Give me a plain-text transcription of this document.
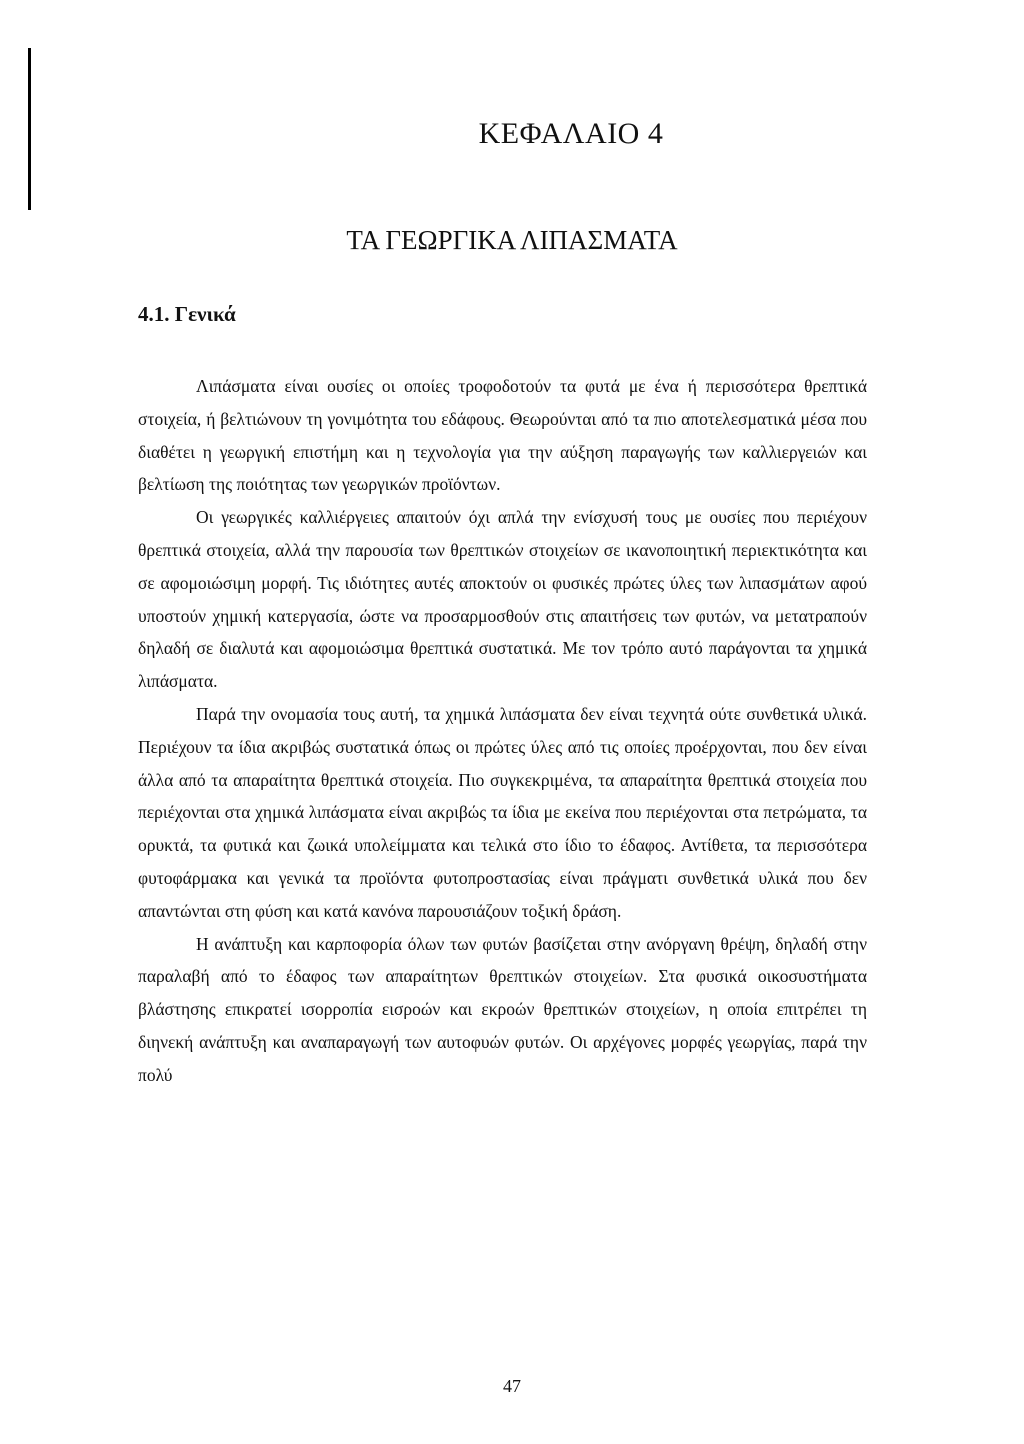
ΚΕΦΑΛΑΙΟ 4
ΤΑ ΓΕΩΡΓΙΚΑ ΛΙΠΑΣΜΑΤΑ
4.1. Γενικά

Λιπάσματα είναι ουσίες οι οποίες τροφοδοτούν τα φυτά με ένα ή περισσότερα θρεπτικά στοιχεία, ή βελτιώνουν τη γονιμότητα του εδάφους. Θεωρούνται από τα πιο αποτελεσματικά μέσα που διαθέτει η γεωργική επιστήμη και η τεχνολογία για την αύξηση παραγωγής των καλλιεργειών και βελτίωση της ποιότητας των γεωργικών προϊόντων.

Οι γεωργικές καλλιέργειες απαιτούν όχι απλά την ενίσχυσή τους με ουσίες που περιέχουν θρεπτικά στοιχεία, αλλά την παρουσία των θρεπτικών στοιχείων σε ικανοποιητική περιεκτικότητα και σε αφομοιώσιμη μορφή. Τις ιδιότητες αυτές αποκτούν οι φυσικές πρώτες ύλες των λιπασμάτων αφού υποστούν χημική κατεργασία, ώστε να προσαρμοσθούν στις απαιτήσεις των φυτών, να μετατραπούν δηλαδή σε διαλυτά και αφομοιώσιμα θρεπτικά συστατικά. Με τον τρόπο αυτό παράγονται τα χημικά λιπάσματα.

Παρά την ονομασία τους αυτή, τα χημικά λιπάσματα δεν είναι τεχνητά ούτε συνθετικά υλικά. Περιέχουν τα ίδια ακριβώς συστατικά όπως οι πρώτες ύλες από τις οποίες προέρχονται, που δεν είναι άλλα από τα απαραίτητα θρεπτικά στοιχεία. Πιο συγκεκριμένα, τα απαραίτητα θρεπτικά στοιχεία που περιέχονται στα χημικά λιπάσματα είναι ακριβώς τα ίδια με εκείνα που περιέχονται στα πετρώματα, τα ορυκτά, τα φυτικά και ζωικά υπολείμματα και τελικά στο ίδιο το έδαφος. Αντίθετα, τα περισσότερα φυτοφάρμακα και γενικά τα προϊόντα φυτοπροστασίας είναι πράγματι συνθετικά υλικά που δεν απαντώνται στη φύση και κατά κανόνα παρουσιάζουν τοξική δράση.

Η ανάπτυξη και καρποφορία όλων των φυτών βασίζεται στην ανόργανη θρέψη, δηλαδή στην παραλαβή από το έδαφος των απαραίτητων θρεπτικών στοιχείων. Στα φυσικά οικοσυστήματα βλάστησης επικρατεί ισορροπία εισροών και εκροών θρεπτικών στοιχείων, η οποία επιτρέπει τη διηνεκή ανάπτυξη και αναπαραγωγή των αυτοφυών φυτών. Οι αρχέγονες μορφές γεωργίας, παρά την πολύ

47
